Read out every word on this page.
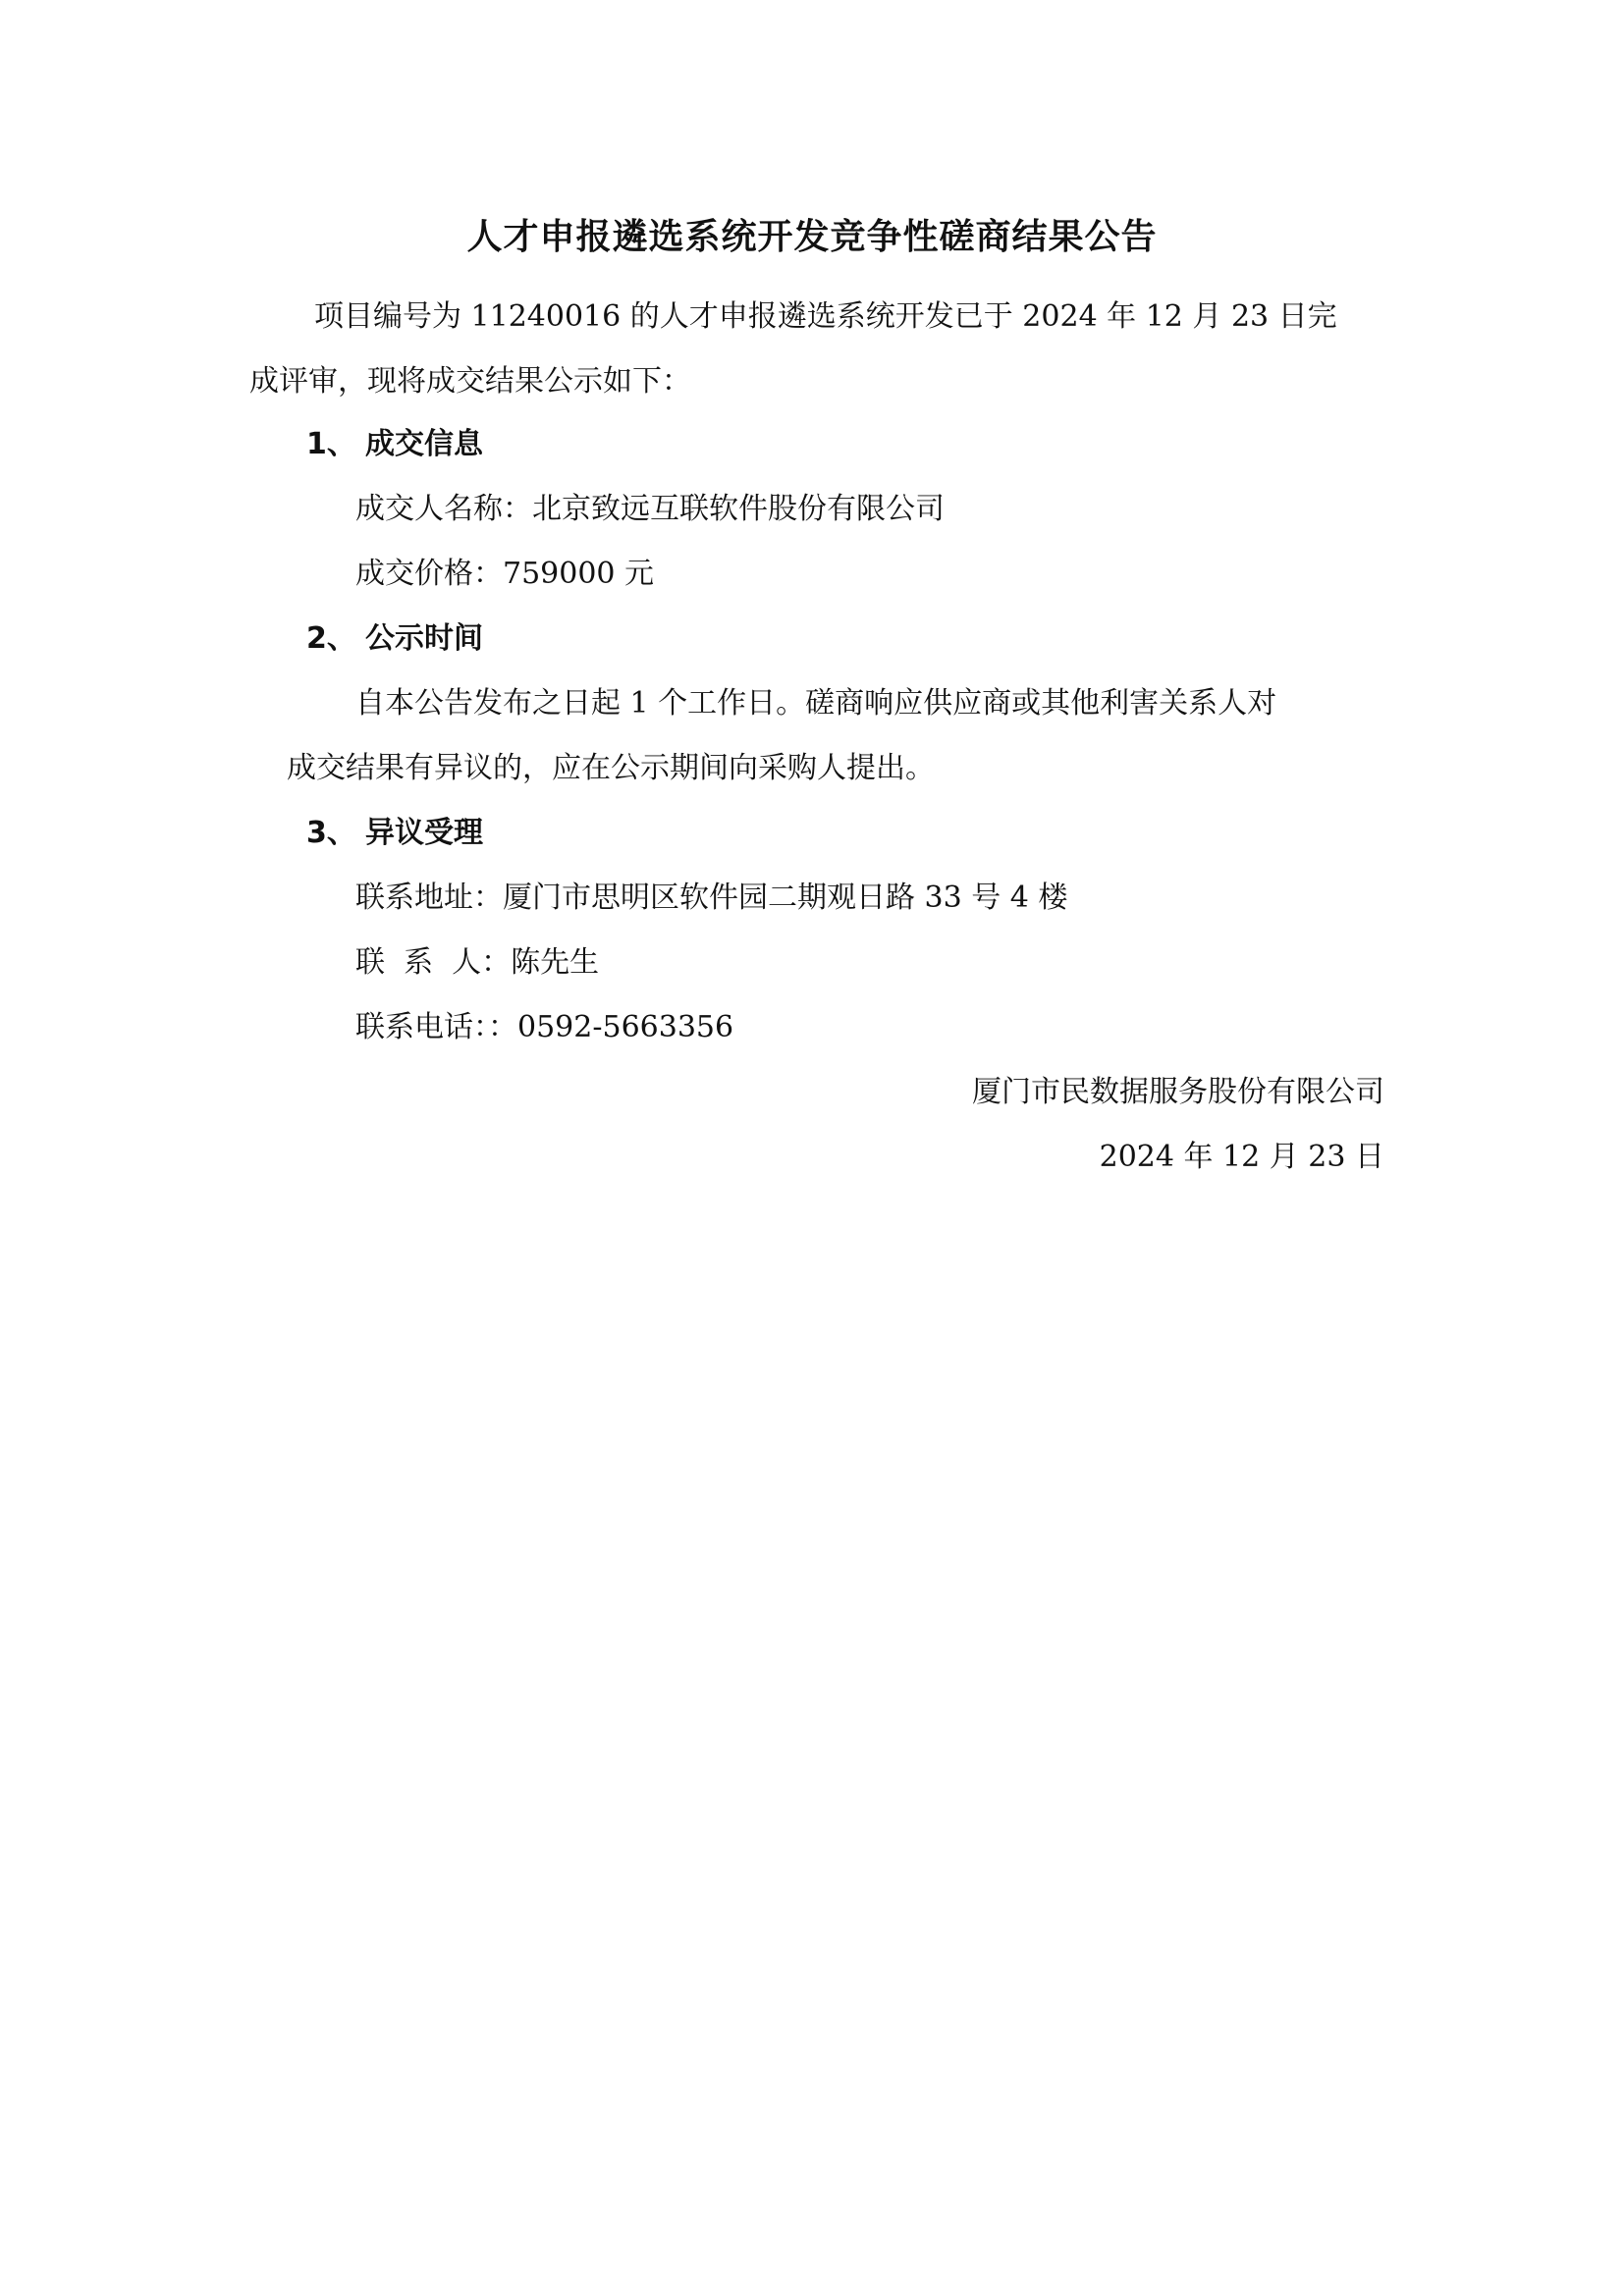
人才申报遴选系统开发竞争性磋商结果公告
项目编号为 11240016 的人才申报遴选系统开发已于 2024 年 12 月 23 日完
成评审，现将成交结果公示如下：
1、 成交信息
成交人名称：北京致远互联软件股份有限公司
成交价格：759000 元
2、 公示时间
自本公告发布之日起 1 个工作日。磋商响应供应商或其他利害关系人对
成交结果有异议的，应在公示期间向采购人提出。
3、 异议受理
联系地址：厦门市思明区软件园二期观日路 33 号 4 楼
联  系  人：陈先生
联系电话：：0592-5663356
厦门市民数据服务股份有限公司
2024 年 12 月 23 日
